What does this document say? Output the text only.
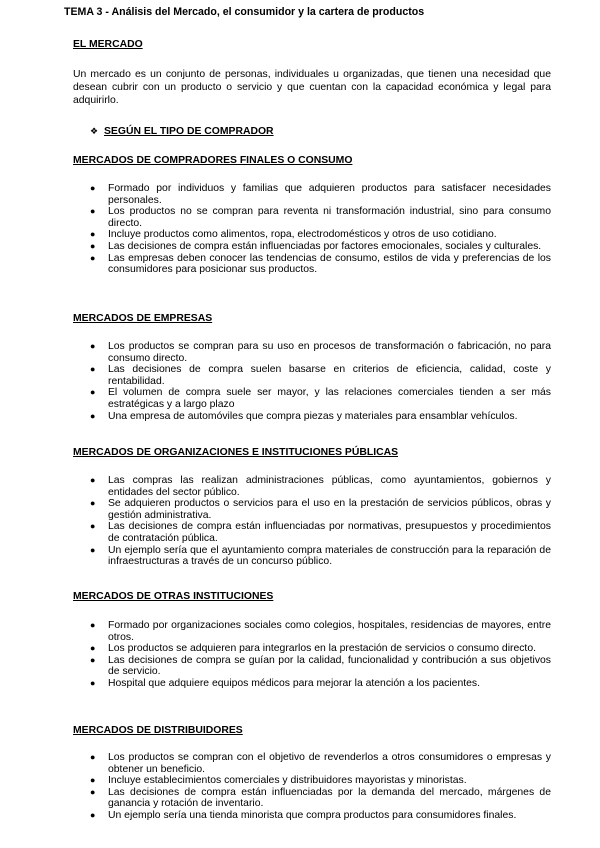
TEMA 3 - Análisis del Mercado, el consumidor y la cartera de productos
EL MERCADO
Un mercado es un conjunto de personas, individuales u organizadas, que tienen una necesidad que desean cubrir con un producto o servicio y que cuentan con la capacidad económica y legal para adquirirlo.
❖ SEGÚN EL TIPO DE COMPRADOR
MERCADOS DE COMPRADORES FINALES O CONSUMO
●	Formado por individuos y familias que adquieren productos para satisfacer necesidades personales.
●	Los productos no se compran para reventa ni transformación industrial, sino para consumo directo.
●	Incluye productos como alimentos, ropa, electrodomésticos y otros de uso cotidiano.
●	Las decisiones de compra están influenciadas por factores emocionales, sociales y culturales.
●	Las empresas deben conocer las tendencias de consumo, estilos de vida y preferencias de los consumidores para posicionar sus productos.
MERCADOS DE EMPRESAS
●	Los productos se compran para su uso en procesos de transformación o fabricación, no para consumo directo.
●	Las decisiones de compra suelen basarse en criterios de eficiencia, calidad, coste y rentabilidad.
●	El volumen de compra suele ser mayor, y las relaciones comerciales tienden a ser más estratégicas y a largo plazo
●	Una empresa de automóviles que compra piezas y materiales para ensamblar vehículos.
MERCADOS DE ORGANIZACIONES E INSTITUCIONES PÚBLICAS
●	Las compras las realizan administraciones públicas, como ayuntamientos, gobiernos y entidades del sector público.
●	Se adquieren productos o servicios para el uso en la prestación de servicios públicos, obras y gestión administrativa.
●	Las decisiones de compra están influenciadas por normativas, presupuestos y procedimientos de contratación pública.
●	Un ejemplo sería que el ayuntamiento compra materiales de construcción para la reparación de infraestructuras a través de un concurso público.
MERCADOS DE OTRAS INSTITUCIONES
●	Formado por organizaciones sociales como colegios, hospitales, residencias de mayores, entre otros.
●	Los productos se adquieren para integrarlos en la prestación de servicios o consumo directo.
●	Las decisiones de compra se guían por la calidad, funcionalidad y contribución a sus objetivos de servicio.
●	Hospital que adquiere equipos médicos para mejorar la atención a los pacientes.
MERCADOS DE DISTRIBUIDORES
●	Los productos se compran con el objetivo de revenderlos a otros consumidores o empresas y obtener un beneficio.
●	Incluye establecimientos comerciales y distribuidores mayoristas y minoristas.
●	Las decisiones de compra están influenciadas por la demanda del mercado, márgenes de ganancia y rotación de inventario.
●	Un ejemplo sería una tienda minorista que compra productos para consumidores finales.
